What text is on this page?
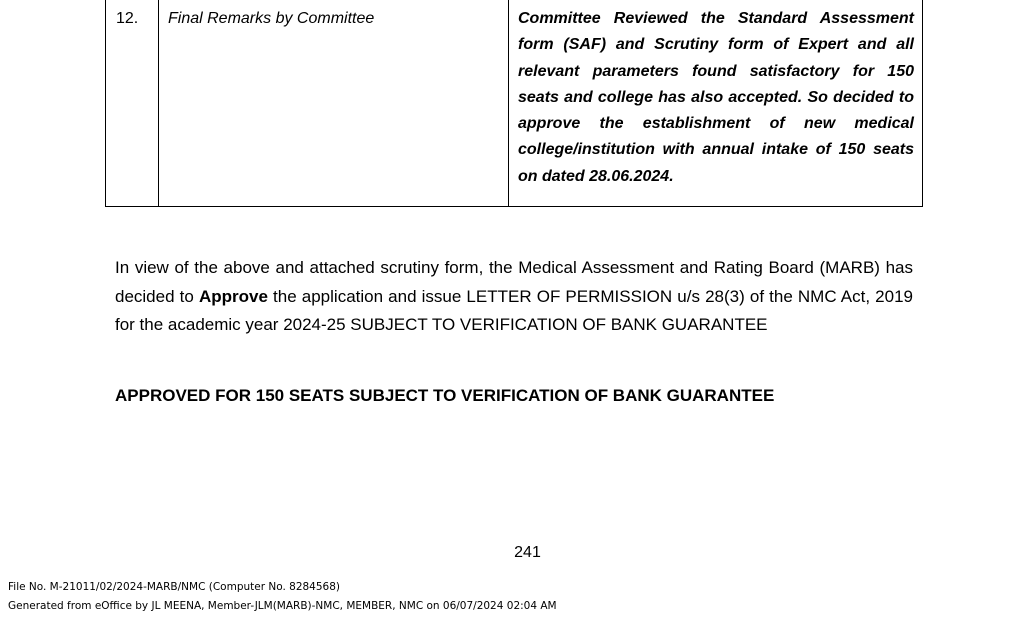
12.	Final Remarks by Committee	Committee Reviewed the Standard Assessment form (SAF) and Scrutiny form of Expert and all relevant parameters found satisfactory for 150 seats and college has also accepted. So decided to approve the establishment of new medical college/institution with annual intake of 150 seats on dated 28.06.2024.
In view of the above and attached scrutiny form, the Medical Assessment and Rating Board (MARB) has decided to Approve the application and issue LETTER OF PERMISSION u/s 28(3) of the NMC Act, 2019 for the academic year 2024-25 SUBJECT TO VERIFICATION OF BANK GUARANTEE
APPROVED FOR 150 SEATS SUBJECT TO VERIFICATION OF BANK GUARANTEE
241
File No. M-21011/02/2024-MARB/NMC (Computer No. 8284568)
Generated from eOffice by JL MEENA, Member-JLM(MARB)-NMC, MEMBER, NMC on 06/07/2024 02:04 AM
